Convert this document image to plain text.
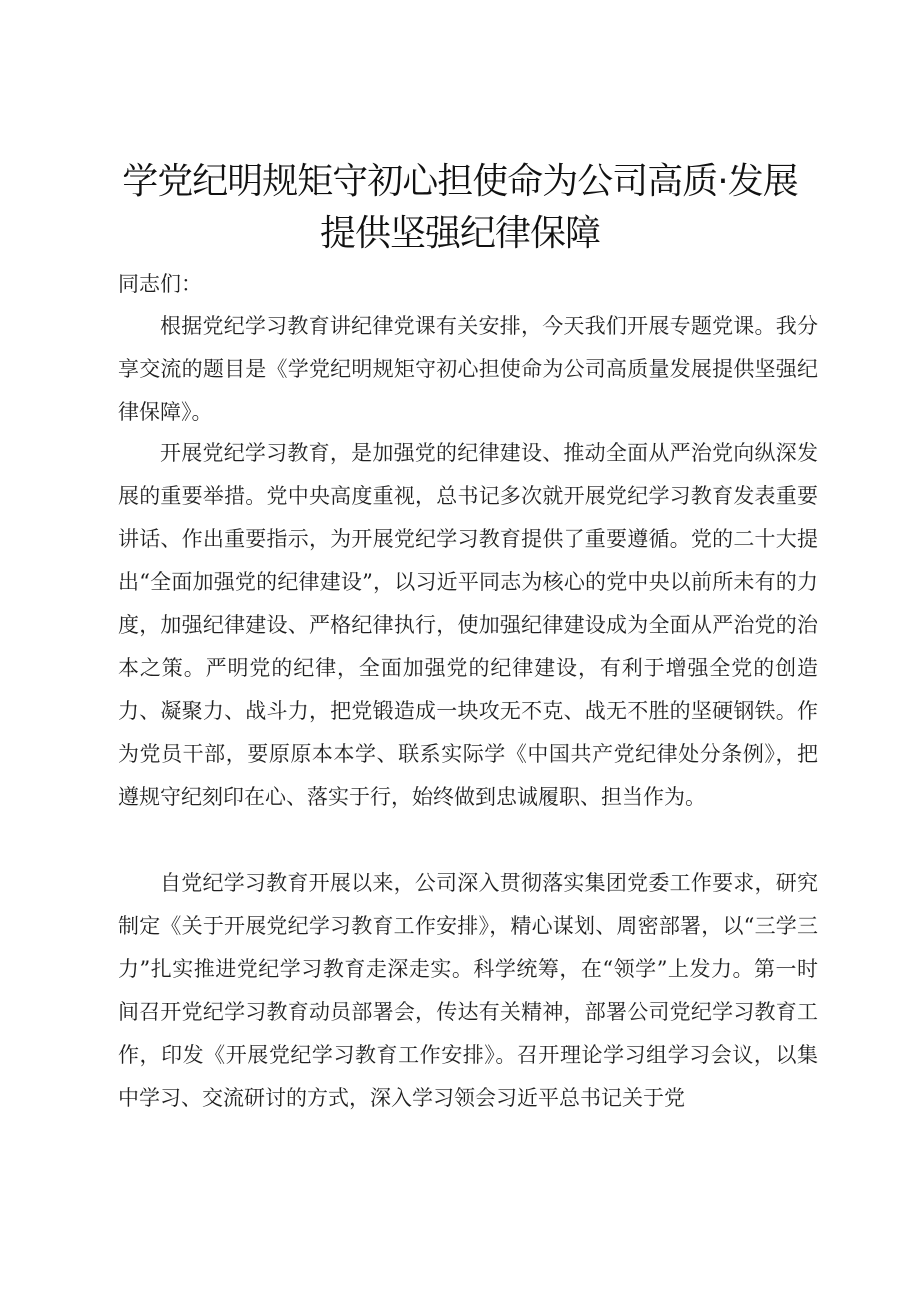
学党纪明规矩守初心担使命为公司高质·发展
提供坚强纪律保障
同志们：

根据党纪学习教育讲纪律党课有关安排，今天我们开展专题党课。我分享交流的题目是《学党纪明规矩守初心担使命为公司高质量发展提供坚强纪律保障》。

开展党纪学习教育，是加强党的纪律建设、推动全面从严治党向纵深发展的重要举措。党中央高度重视，总书记多次就开展党纪学习教育发表重要讲话、作出重要指示，为开展党纪学习教育提供了重要遵循。党的二十大提出“全面加强党的纪律建设”，以习近平同志为核心的党中央以前所未有的力度，加强纪律建设、严格纪律执行，使加强纪律建设成为全面从严治党的治本之策。严明党的纪律，全面加强党的纪律建设，有利于增强全党的创造力、凝聚力、战斗力，把党锻造成一块攻无不克、战无不胜的坚硬钢铁。作为党员干部，要原原本本学、联系实际学《中国共产党纪律处分条例》，把遵规守纪刻印在心、落实于行，始终做到忠诚履职、担当作为。

自党纪学习教育开展以来，公司深入贯彻落实集团党委工作要求，研究制定《关于开展党纪学习教育工作安排》，精心谋划、周密部署，以“三学三力”扎实推进党纪学习教育走深走实。科学统筹，在“领学”上发力。第一时间召开党纪学习教育动员部署会，传达有关精神，部署公司党纪学习教育工作，印发《开展党纪学习教育工作安排》。召开理论学习组学习会议，以集中学习、交流研讨的方式，深入学习领会习近平总书记关于党
